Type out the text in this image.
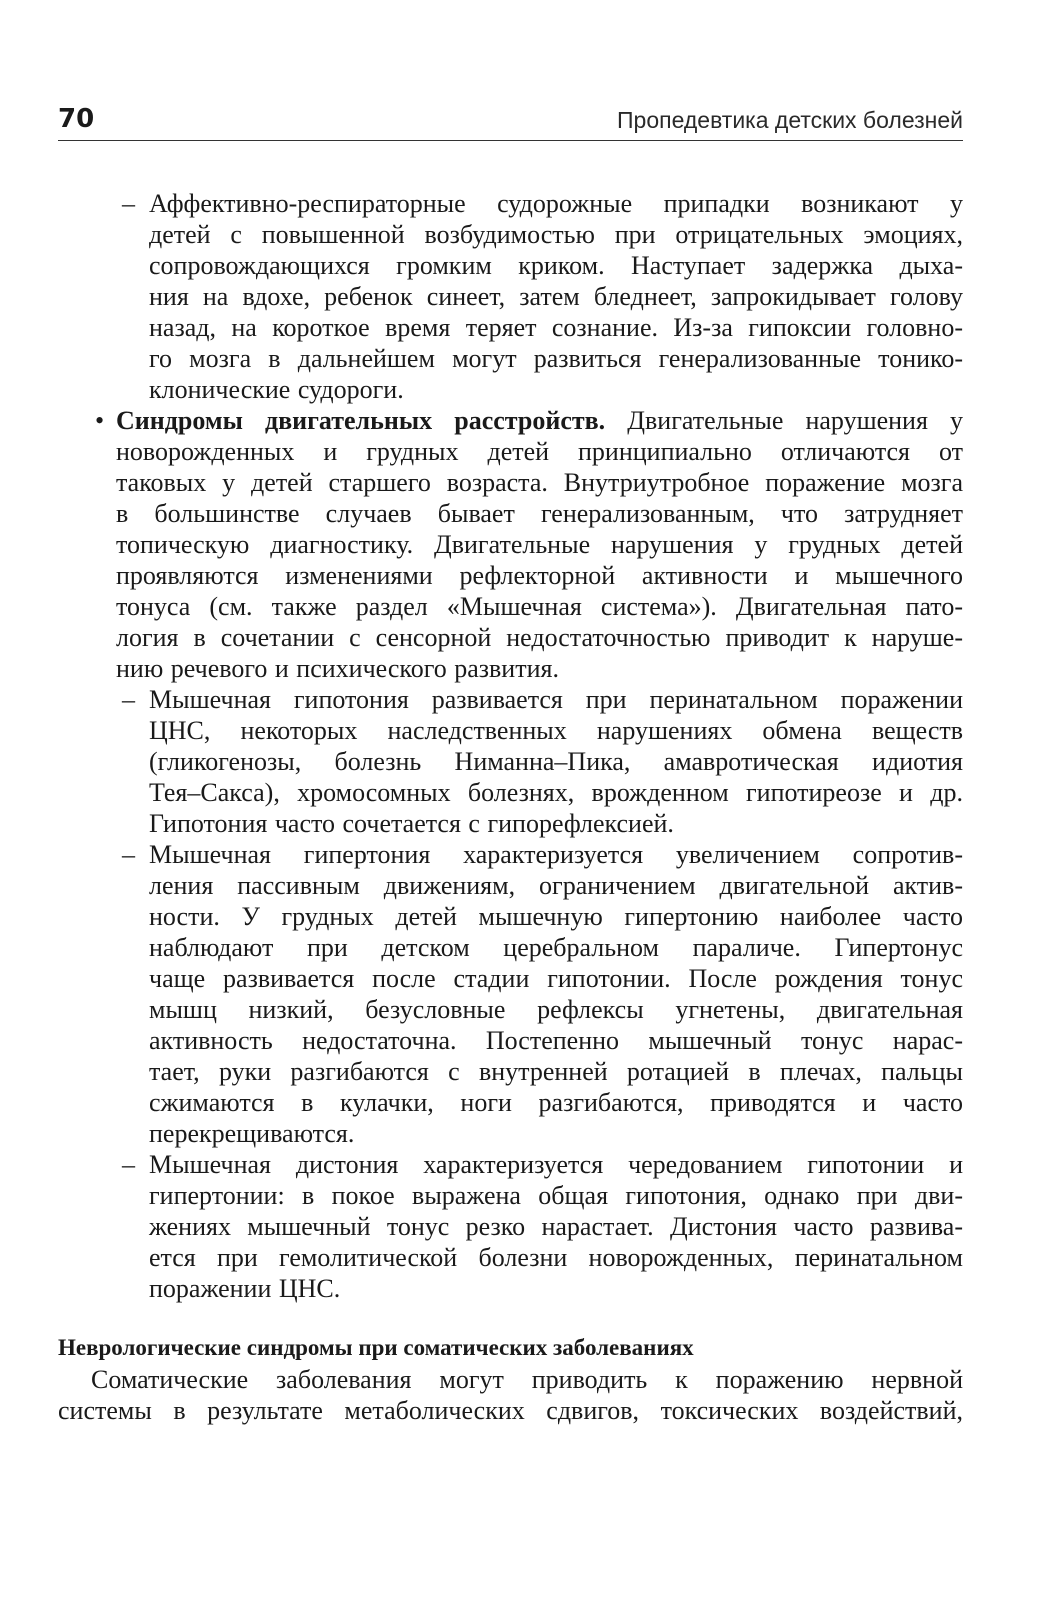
70	Пропедевтика детских болезней
– Аффективно-респираторные судорожные припадки возникают у
детей с повышенной возбудимостью при отрицательных эмоциях,
сопровождающихся громким криком. Наступает задержка дыха-
ния на вдохе, ребенок синеет, затем бледнеет, запрокидывает голову
назад, на короткое время теряет сознание. Из-за гипоксии головно-
го мозга в дальнейшем могут развиться генерализованные тонико-
клонические судороги.
• Синдромы двигательных расстройств. Двигательные нарушения у
новорожденных и грудных детей принципиально отличаются от
таковых у детей старшего возраста. Внутриутробное поражение мозга
в большинстве случаев бывает генерализованным, что затрудняет
топическую диагностику. Двигательные нарушения у грудных детей
проявляются изменениями рефлекторной активности и мышечного
тонуса (см. также раздел «Мышечная система»). Двигательная пато-
логия в сочетании с сенсорной недостаточностью приводит к наруше-
нию речевого и психического развития.
– Мышечная гипотония развивается при перинатальном поражении
ЦНС, некоторых наследственных нарушениях обмена веществ
(гликогенозы, болезнь Ниманна–Пика, амавротическая идиотия
Тея–Сакса), хромосомных болезнях, врожденном гипотиреозе и др.
Гипотония часто сочетается с гипорефлексией.
– Мышечная гипертония характеризуется увеличением сопротив-
ления пассивным движениям, ограничением двигательной актив-
ности. У грудных детей мышечную гипертонию наиболее часто
наблюдают при детском церебральном параличе. Гипертонус
чаще развивается после стадии гипотонии. После рождения тонус
мышц низкий, безусловные рефлексы угнетены, двигательная
активность недостаточна. Постепенно мышечный тонус нарас-
тает, руки разгибаются с внутренней ротацией в плечах, пальцы
сжимаются в кулачки, ноги разгибаются, приводятся и часто
перекрещиваются.
– Мышечная дистония характеризуется чередованием гипотонии и
гипертонии: в покое выражена общая гипотония, однако при дви-
жениях мышечный тонус резко нарастает. Дистония часто развива-
ется при гемолитической болезни новорожденных, перинатальном
поражении ЦНС.
Неврологические синдромы при соматических заболеваниях
Соматические заболевания могут приводить к поражению нервной
системы в результате метаболических сдвигов, токсических воздействий,
